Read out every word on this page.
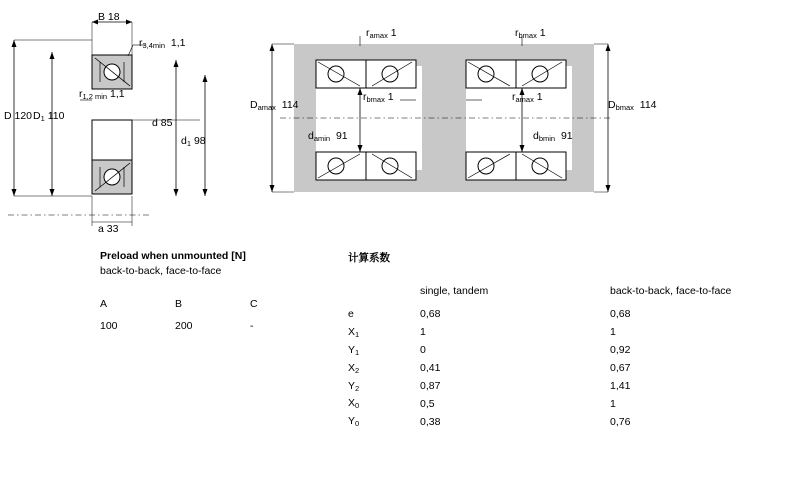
B 18
$r_{3,4min}$ 1,1
$r_{1,2 min}$ 1,1
D 120 $D_1$ 110
d 85
$d_1$ 98
a 33
$r_{amax}$ 1	$r_{bmax}$ 1
$D_{amax}$ 114
$r_{bmax}$ 1	$r_{amax}$ 1
$D_{bmax}$ 114
$d_{amin}$ 91	$d_{bmin}$ 91
Preload when unmounted [N]
back-to-back, face-to-face
A	B	C
100	200	-
计算系数
	single, tandem	back-to-back, face-to-face
e	0,68	0,68
$X_1$	1	1
$Y_1$	0	0,92
$X_2$	0,41	0,67
$Y_2$	0,87	1,41
$X_0$	0,5	1
$Y_0$	0,38	0,76
